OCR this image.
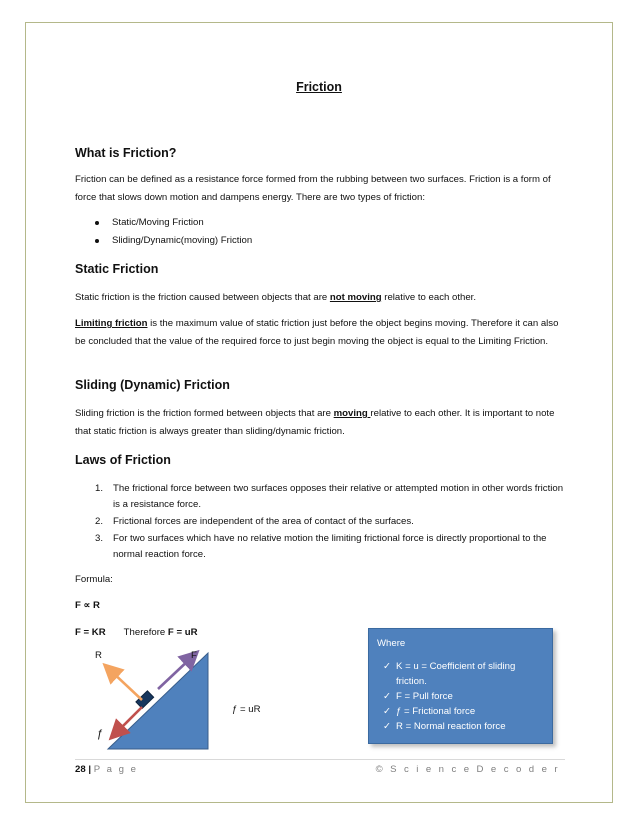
Friction
What is Friction?

Friction can be defined as a resistance force formed from the rubbing between two surfaces. Friction is a form of force that slows down motion and dampens energy. There are two types of friction:

Static/Moving Friction
Sliding/Dynamic(moving) Friction
Static Friction

Static friction is the friction caused between objects that are not moving relative to each other.

Limiting friction is the maximum value of static friction just before the object begins moving. Therefore it can also be concluded that the value of the required force to just begin moving the object is equal to the Limiting Friction.

Sliding (Dynamic) Friction

Sliding friction is the friction formed between objects that are moving relative to each other. It is important to note that static friction is always greater than sliding/dynamic friction.

Laws of Friction
1. The frictional force between two surfaces opposes their relative or attempted motion in other words friction is a resistance force.
2. Frictional forces are independent of the area of contact of the surfaces.
3. For two surfaces which have no relative motion the limiting frictional force is directly proportional to the normal reaction force.
Formula:
F ∝ R
F = KR Therefore F = uR
R	F
ƒ
ƒ = uR
Where
✓ K = u = Coefficient of sliding friction.
✓ F = Pull force
✓ ƒ = Frictional force
✓ R = Normal reaction force
28 | P a g e	© S c i e n c e D e c o d e r
